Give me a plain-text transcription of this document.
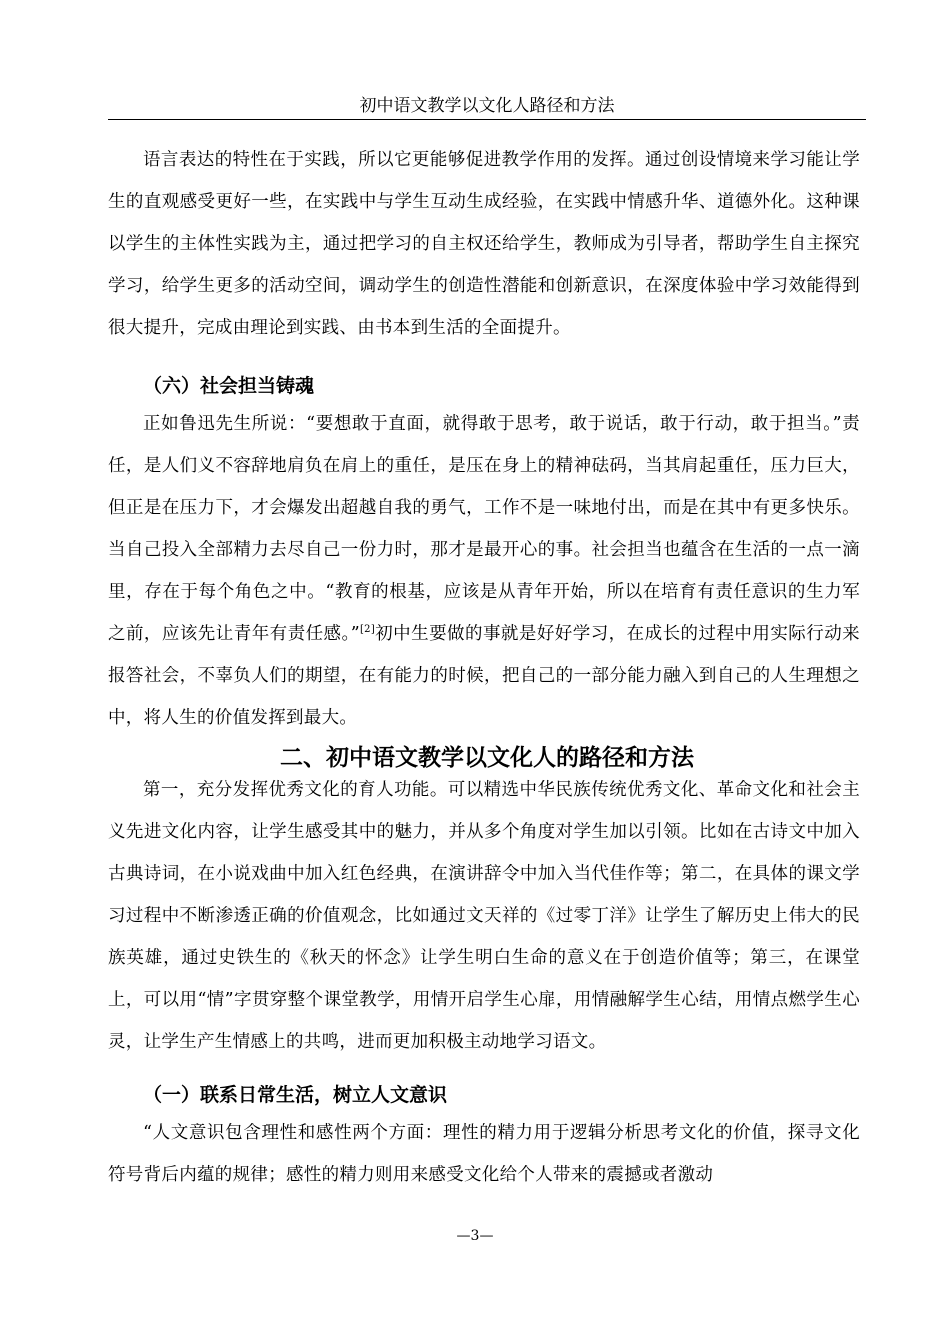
初中语文教学以文化人路径和方法

语言表达的特性在于实践，所以它更能够促进教学作用的发挥。通过创设情境来学习能让学生的直观感受更好一些，在实践中与学生互动生成经验，在实践中情感升华、道德外化。这种课以学生的主体性实践为主，通过把学习的自主权还给学生，教师成为引导者，帮助学生自主探究学习，给学生更多的活动空间，调动学生的创造性潜能和创新意识，在深度体验中学习效能得到很大提升，完成由理论到实践、由书本到生活的全面提升。

（六）社会担当铸魂

正如鲁迅先生所说：“要想敢于直面，就得敢于思考，敢于说话，敢于行动，敢于担当。”责任，是人们义不容辞地肩负在肩上的重任，是压在身上的精神砝码，当其肩起重任，压力巨大，但正是在压力下，才会爆发出超越自我的勇气，工作不是一味地付出，而是在其中有更多快乐。当自己投入全部精力去尽自己一份力时，那才是最开心的事。社会担当也蕴含在生活的一点一滴里，存在于每个角色之中。“教育的根基，应该是从青年开始，所以在培育有责任意识的生力军之前，应该先让青年有责任感。”[2]初中生要做的事就是好好学习，在成长的过程中用实际行动来报答社会，不辜负人们的期望，在有能力的时候，把自己的一部分能力融入到自己的人生理想之中，将人生的价值发挥到最大。

二、初中语文教学以文化人的路径和方法

第一，充分发挥优秀文化的育人功能。可以精选中华民族传统优秀文化、革命文化和社会主义先进文化内容，让学生感受其中的魅力，并从多个角度对学生加以引领。比如在古诗文中加入古典诗词，在小说戏曲中加入红色经典，在演讲辞令中加入当代佳作等；第二，在具体的课文学习过程中不断渗透正确的价值观念，比如通过文天祥的《过零丁洋》让学生了解历史上伟大的民族英雄，通过史铁生的《秋天的怀念》让学生明白生命的意义在于创造价值等；第三，在课堂上，可以用“情”字贯穿整个课堂教学，用情开启学生心扉，用情融解学生心结，用情点燃学生心灵，让学生产生情感上的共鸣，进而更加积极主动地学习语文。

（一）联系日常生活，树立人文意识

“人文意识包含理性和感性两个方面：理性的精力用于逻辑分析思考文化的价值，探寻文化符号背后内蕴的规律；感性的精力则用来感受文化给个人带来的震撼或者激动

—3—
